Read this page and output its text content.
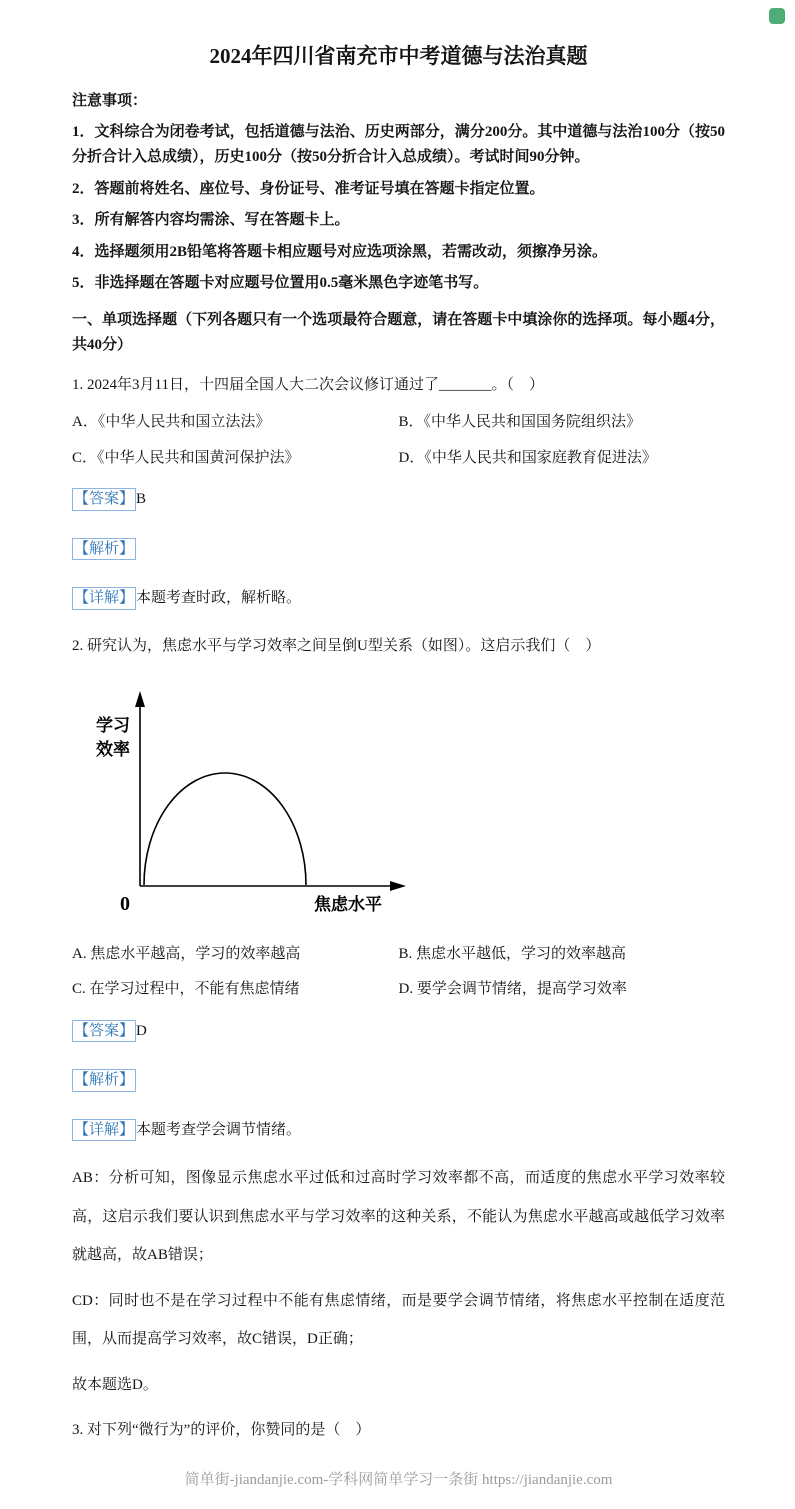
2024年四川省南充市中考道德与法治真题

注意事项：

1．文科综合为闭卷考试，包括道德与法治、历史两部分，满分200分。其中道德与法治100分（按50分折合计入总成绩），历史100分（按50分折合计入总成绩）。考试时间90分钟。

2．答题前将姓名、座位号、身份证号、准考证号填在答题卡指定位置。

3．所有解答内容均需涂、写在答题卡上。

4．选择题须用2B铅笔将答题卡相应题号对应选项涂黑，若需改动，须擦净另涂。

5．非选择题在答题卡对应题号位置用0.5毫米黑色字迹笔书写。

一、单项选择题（下列各题只有一个选项最符合题意，请在答题卡中填涂你的选择项。每小题4分，共40分）

1. 2024年3月11日，十四届全国人大二次会议修订通过了_______。（　）

A．《中华人民共和国立法法》	B．《中华人民共和国国务院组织法》
C．《中华人民共和国黄河保护法》	D．《中华人民共和国家庭教育促进法》

【答案】 B

【解析】

【详解】 本题考查时政，解析略。

2. 研究认为，焦虑水平与学习效率之间呈倒U型关系（如图）。这启示我们（　）

学习
效率
焦虑水平
0
A. 焦虑水平越高，学习的效率越高	B. 焦虑水平越低，学习的效率越高
C. 在学习过程中，不能有焦虑情绪	D. 要学会调节情绪，提高学习效率

【答案】 D

【解析】

【详解】 本题考查学会调节情绪。

AB：分析可知，图像显示焦虑水平过低和过高时学习效率都不高，而适度的焦虑水平学习效率较高，这启示我们要认识到焦虑水平与学习效率的这种关系，不能认为焦虑水平越高或越低学习效率就越高，故AB错误；

CD：同时也不是在学习过程中不能有焦虑情绪，而是要学会调节情绪，将焦虑水平控制在适度范围，从而提高学习效率，故C错误，D正确；

故本题选D。

3. 对下列“微行为”的评价，你赞同的是（　）

简单街-jiandanjie.com-学科网简单学习一条街 https://jiandanjie.com
